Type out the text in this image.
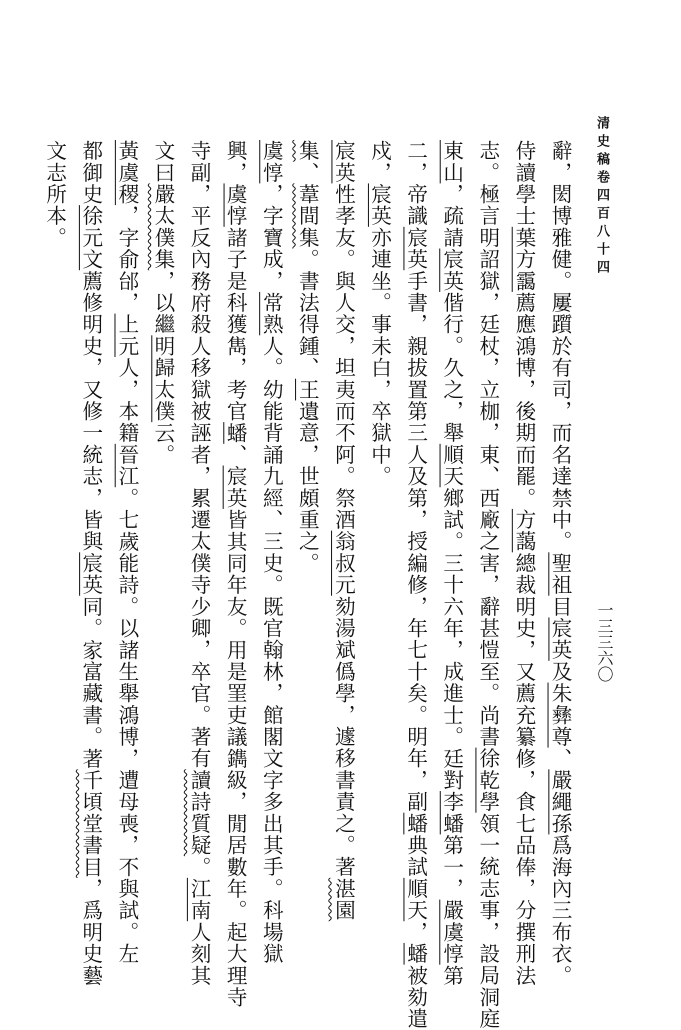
清史稿卷四百八十四
一三三六〇
辭，閎博雅健。屢躓於有司，而名達禁中。聖祖目宸英及朱彝尊、嚴繩孫爲海內三布衣。
侍讀學士葉方靄薦應鴻博，後期而罷。方藹總裁明史，又薦充纂修，食七品俸，分撰刑法
志。極言明詔獄，廷杖，立枷，東、西廠之害，辭甚愷至。尚書徐乾學領一統志事，設局洞庭
東山，疏請宸英偕行。久之，舉順天鄉試。三十六年，成進士。廷對李蟠第一，嚴虞惇第
二，帝識宸英手書，親拔置第三人及第，授編修，年七十矣。明年，副蟠典試順天，蟠被劾遣
戍，宸英亦連坐。事未白，卒獄中。
宸英性孝友。與人交，坦夷而不阿。祭酒翁叔元劾湯斌僞學，遽移書責之。著湛園
集、葦間集。書法得鍾、王遺意，世頗重之。
虞惇，字寶成，常熟人。幼能背誦九經、三史。既官翰林，館閣文字多出其手。科場獄
興，虞惇諸子是科獲雋，考官蟠、宸英皆其同年友。用是罣吏議鐫級，閒居數年。起大理寺
寺副，平反內務府殺人移獄被誣者，累遷太僕寺少卿，卒官。著有讀詩質疑。江南人刻其
文曰嚴太僕集，以繼明歸太僕云。
黃虞稷，字俞邰，上元人，本籍晉江。七歲能詩。以諸生舉鴻博，遭母喪，不與試。左
都御史徐元文薦修明史，又修一統志，皆與宸英同。家富藏書。著千頃堂書目，爲明史藝
文志所本。
